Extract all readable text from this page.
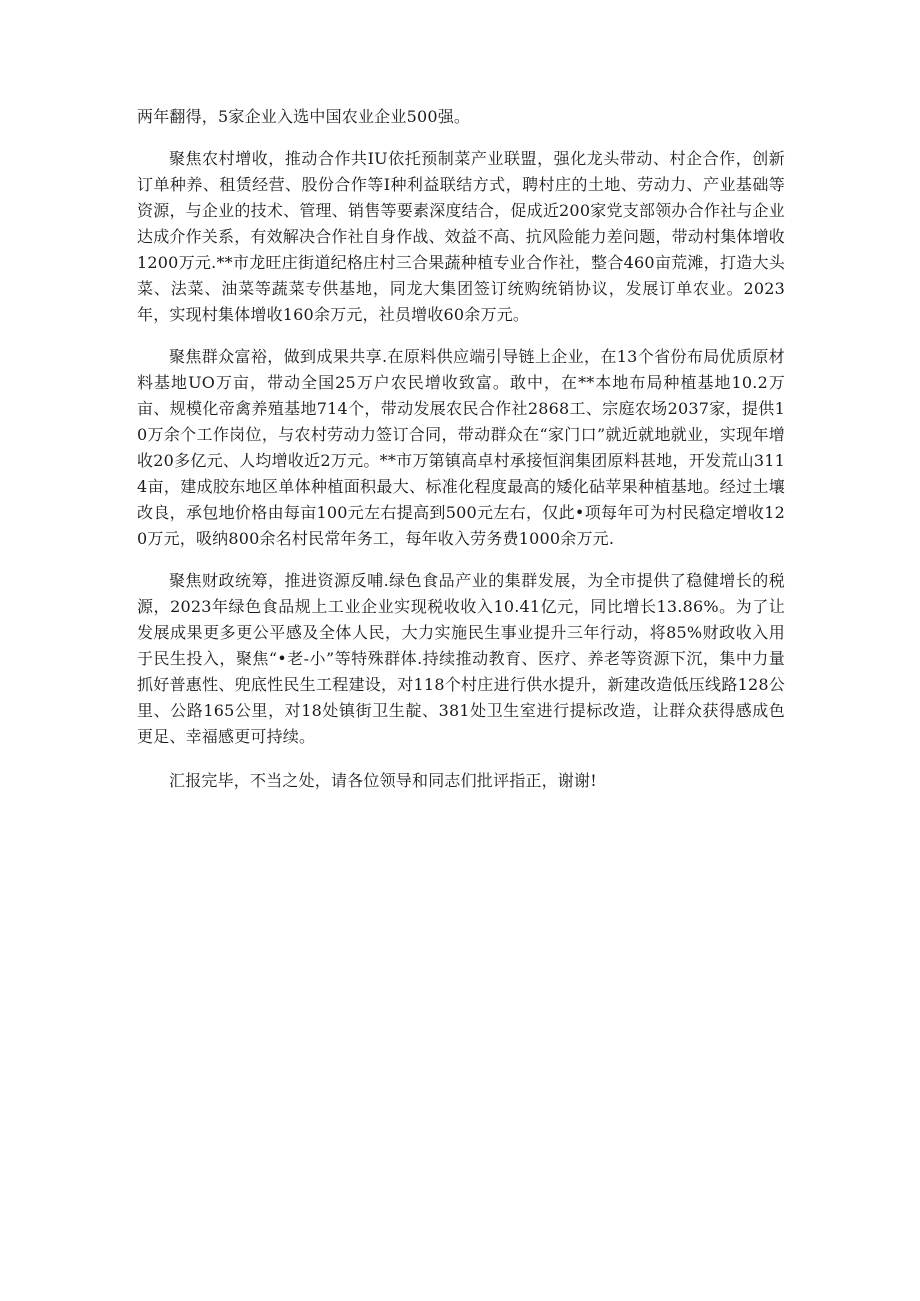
两年翻得，5家企业入选中国农业企业500强。

聚焦农村增收，推动合作共IU依托预制菜产业联盟，强化龙头带动、村企合作，创新订单种养、租赁经营、股份合作等I种利益联结方式，聘村庄的土地、劳动力、产业基础等资源，与企业的技术、管理、销售等要素深度结合，促成近200家党支部领办合作社与企业达成介作关系，有效解决合作社自身作战、效益不高、抗风险能力差问题，带动村集体增收1200万元.**市龙旺庄街道纪格庄村三合果蔬种植专业合作社，整合460亩荒滩，打造大头菜、法菜、油菜等蔬菜专供基地，同龙大集团签订统购统销协议，发展订单农业。2023年，实现村集体增收160余万元，社员增收60余万元。

聚焦群众富裕，做到成果共享.在原料供应端引导链上企业，在13个省份布局优质原材料基地UO万亩，带动全国25万户农民增收致富。敢中，在**本地布局种植基地10.2万亩、规模化帝禽养殖基地714个，带动发展农民合作社2868工、宗庭农场2037家，提供10万余个工作岗位，与农村劳动力签订合同，带动群众在“家门口”就近就地就业，实现年增收20多亿元、人均增收近2万元。**市万第镇高卓村承接恒润集团原料甚地，开发荒山3114亩，建成胶东地区单体种植面积最大、标准化程度最高的矮化砧苹果种植基地。经过土壤改良，承包地价格由每亩100元左右提高到500元左右，仅此•项每年可为村民稳定增收120万元，吸纳800余名村民常年务工，每年收入劳务费1000余万元.

聚焦财政统筹，推进资源反哺.绿色食品产业的集群发展，为全市提供了稳健增长的税源，2023年绿色食品规上工业企业实现税收收入10.41亿元，同比增长13.86%。为了让发展成果更多更公平感及全体人民，大力实施民生事业提升三年行动，将85%财政收入用于民生投入，聚焦“•老-小”等特殊群体.持续推动教育、医疗、养老等资源下沉，集中力量抓好普惠性、兜底性民生工程建设，对118个村庄进行供水提升，新建改造低压线路128公里、公路165公里，对18处镇街卫生靛、381处卫生室进行提标改造，让群众获得感成色更足、幸福感更可持续。

汇报完毕，不当之处，请各位领导和同志们批评指正，谢谢!
